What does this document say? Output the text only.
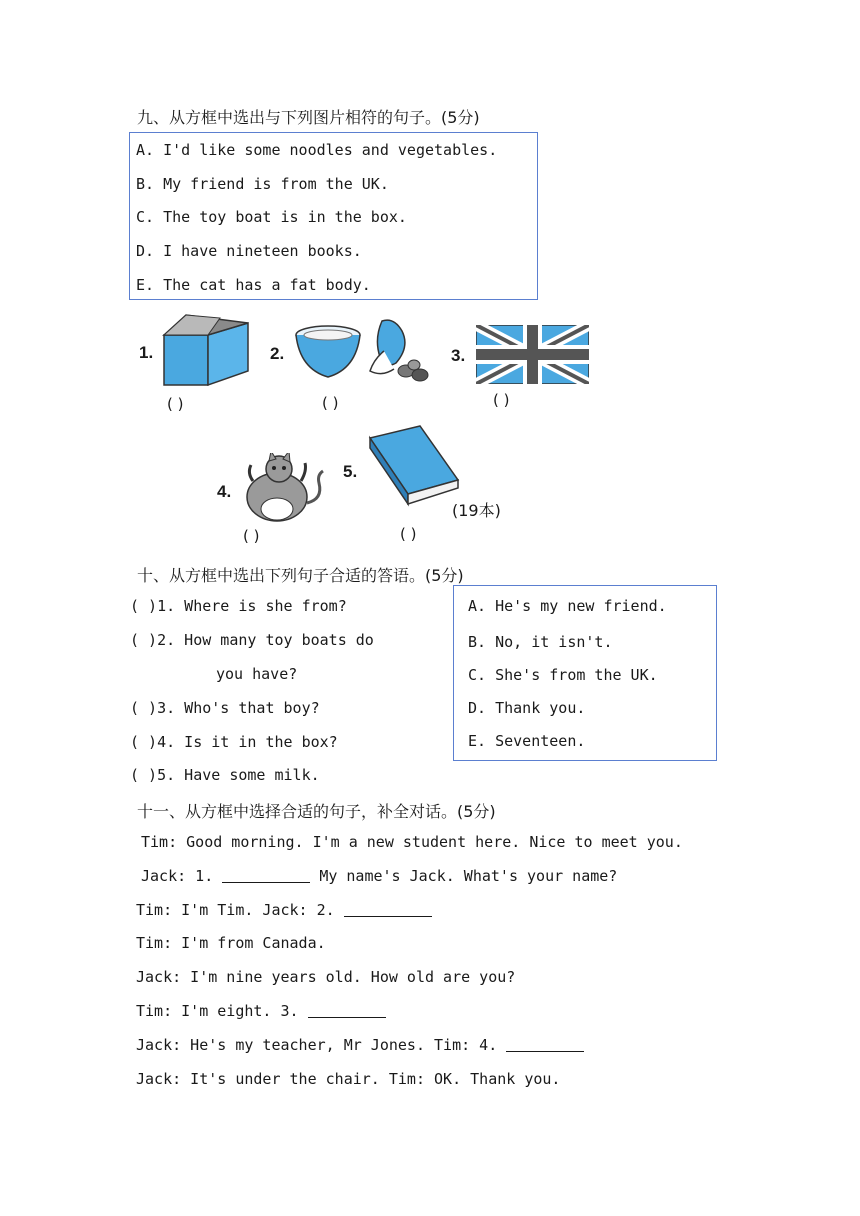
九、从方框中选出与下列图片相符的句子。(5分)
A. I'd like some noodles and vegetables.
B. My friend is from the UK.
C. The toy boat is in the box.
D. I have nineteen books.
E. The cat has a fat body.
1.
( )
2.
( )
3.
( )
4.
( )
5.
(19本)
( )
十、从方框中选出下列句子合适的答语。(5分)
( )1. Where is she from?
( )2. How many toy boats do
you have?
( )3. Who's that boy?
( )4. Is it in the box?
( )5. Have some milk.
A. He's my new friend.
B. No, it isn't.
C. She's from the UK.
D. Thank you.
E. Seventeen.
十一、从方框中选择合适的句子，补全对话。(5分)
Tim: Good morning. I'm a new student here. Nice to meet you.
Jack: 1.	My name's Jack. What's your name?
Tim: I'm Tim. Jack: 2.
Tim: I'm from Canada.
Jack: I'm nine years old. How old are you?
Tim: I'm eight. 3.
Jack: He's my teacher, Mr Jones. Tim: 4.
Jack: It's under the chair. Tim: OK. Thank you.
